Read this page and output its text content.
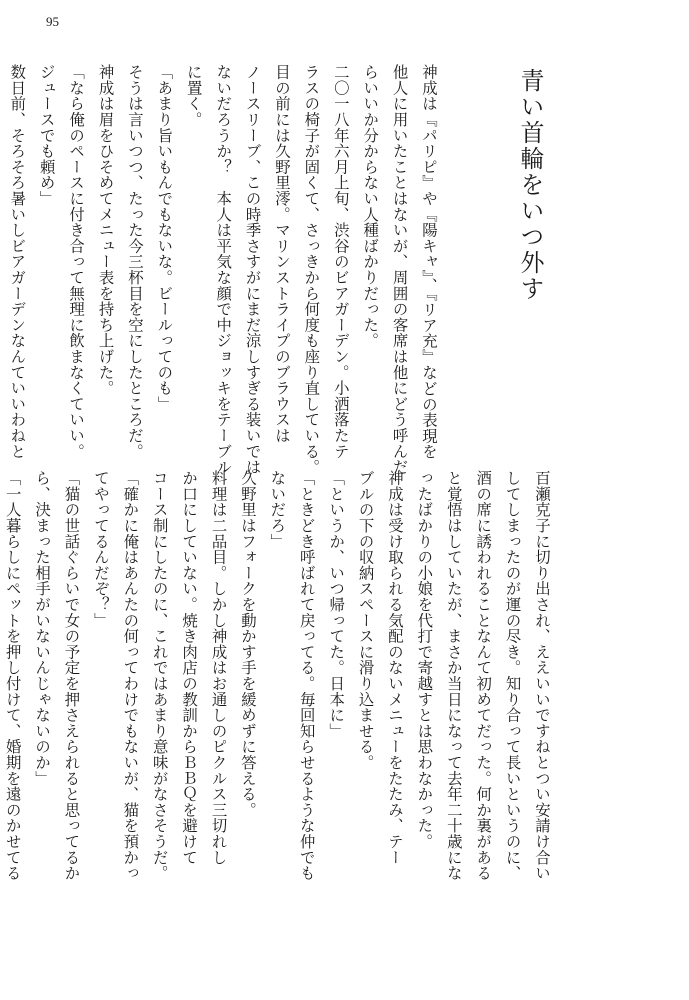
95
青い首輪をいつ外す
神成は『パリピ』や『陽キャ』、『リア充』などの表現を
他人に用いたことはないが、周囲の客席は他にどう呼んだ
らいいか分からない人種ばかりだった。
二〇一八年六月上旬、渋谷のビアガーデン。小洒落たテ
ラスの椅子が固くて、さっきから何度も座り直している。
目の前には久野里澪。マリンストライプのブラウスは
ノースリーブ、この時季さすがにまだ涼しすぎる装いでは
ないだろうか？　本人は平気な顔で中ジョッキをテーブル
に置く。
「あまり旨いもんでもないな。ビールってのも」
そうは言いつつ、たった今三杯目を空にしたところだ。
神成は眉をひそめてメニュー表を持ち上げた。
「なら俺のペースに付き合って無理に飲まなくていい。
ジュースでも頼め」
数日前、そろそろ暑いしビアガーデンなんていいわねと
百瀬克子に切り出され、ええいいですねとつい安請け合い
してしまったのが運の尽き。知り合って長いというのに、
酒の席に誘われることなんて初めてだった。何か裏がある
と覚悟はしていたが、まさか当日になって去年二十歳にな
ったばかりの小娘を代打で寄越すとは思わなかった。
神成は受け取られる気配のないメニューをたたみ、テー
ブルの下の収納スペースに滑り込ませる。
「というか、いつ帰ってた。日本に」
「ときどき呼ばれて戻ってる。毎回知らせるような仲でも
ないだろ」
久野里はフォークを動かす手を緩めずに答える。
料理は二品目。しかし神成はお通しのピクルス三切れし
か口にしていない。焼き肉店の教訓からＢＢＱを避けて
コース制にしたのに、これではあまり意味がなさそうだ。
「確かに俺はあんたの何ってわけでもないが、猫を預かっ
てやってるんだぞ？」
「猫の世話ぐらいで女の予定を押さえられると思ってるか
ら、決まった相手がいないんじゃないのか」
「一人暮らしにペットを押し付けて、婚期を遠のかせてる
